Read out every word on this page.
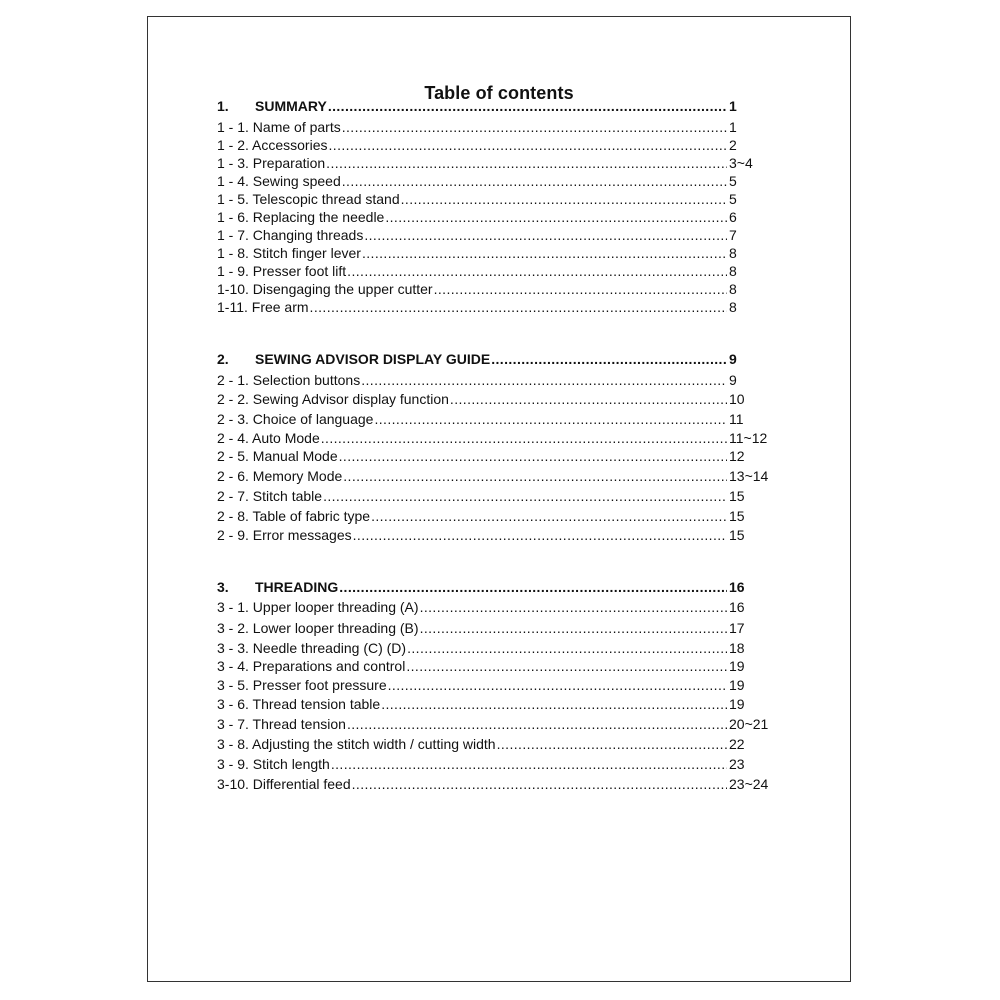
Table of contents
1. SUMMARY .....	1
1 - 1. Name of parts .....	1
1 - 2. Accessories .....	2
1 - 3. Preparation .....	3~4
1 - 4. Sewing speed .....	5
1 - 5. Telescopic thread stand .....	5
1 - 6. Replacing the needle .....	6
1 - 7. Changing threads .....	7
1 - 8. Stitch finger lever .....	8
1 - 9. Presser foot lift .....	8
1-10. Disengaging the upper cutter .....	8
1-11. Free arm .....	8
2. SEWING ADVISOR DISPLAY GUIDE .....	9
2 - 1. Selection buttons .....	9
2 - 2. Sewing Advisor display function .....	10
2 - 3. Choice of language .....	11
2 - 4. Auto Mode .....	11~12
2 - 5. Manual Mode .....	12
2 - 6. Memory Mode .....	13~14
2 - 7. Stitch table .....	15
2 - 8. Table of fabric type .....	15
2 - 9. Error messages .....	15
3. THREADING .....	16
3 - 1. Upper looper threading (A) .....	16
3 - 2. Lower looper threading (B) .....	17
3 - 3. Needle threading (C) (D) .....	18
3 - 4. Preparations and control .....	19
3 - 5. Presser foot pressure .....	19
3 - 6. Thread tension table .....	19
3 - 7. Thread tension .....	20~21
3 - 8. Adjusting the stitch width / cutting width .....	22
3 - 9. Stitch length .....	23
3-10. Differential feed .....	23~24
